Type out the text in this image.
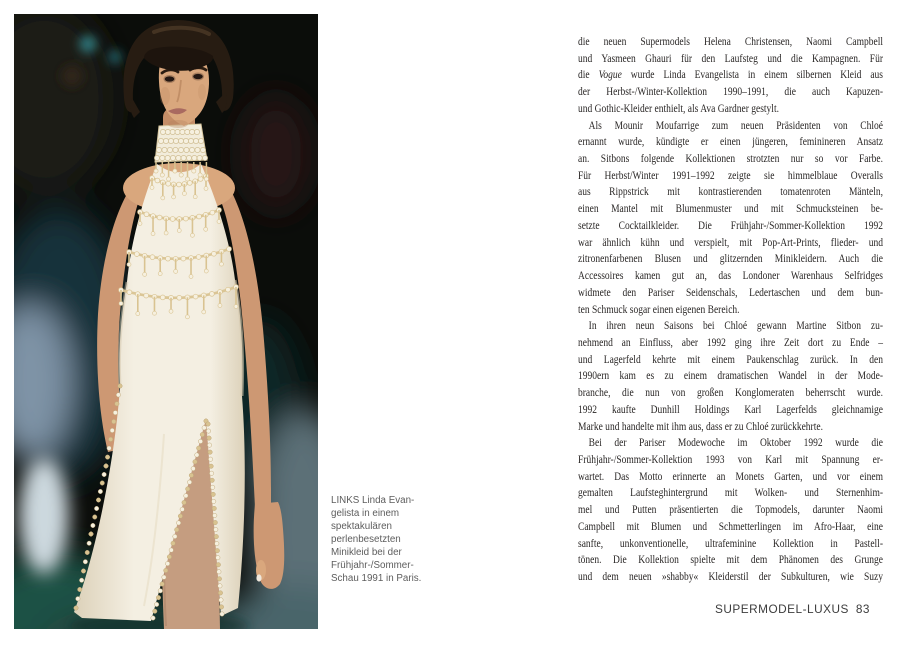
LINKS Linda Evan-
gelista in einem
spektakulären
perlenbesetzten
Minikleid bei der
Frühjahr-/Sommer-
Schau 1991 in Paris.
die neuen Supermodels Helena Christensen, Naomi Campbell
und Yasmeen Ghauri für den Laufsteg und die Kampagnen. Für
die Vogue wurde Linda Evangelista in einem silbernen Kleid aus
der Herbst-/Winter-Kollektion 1990–1991, die auch Kapuzen-
und Gothic-Kleider enthielt, als Ava Gardner gestylt.
Als Mounir Moufarrige zum neuen Präsidenten von Chloé
ernannt wurde, kündigte er einen jüngeren, feminineren Ansatz
an. Sitbons folgende Kollektionen strotzten nur so vor Farbe.
Für Herbst/Winter 1991–1992 zeigte sie himmelblaue Overalls
aus Rippstrick mit kontrastierenden tomatenroten Mänteln,
einen Mantel mit Blumenmuster und mit Schmucksteinen be-
setzte Cocktailkleider. Die Frühjahr-/Sommer-Kollektion 1992
war ähnlich kühn und verspielt, mit Pop-Art-Prints, flieder- und
zitronenfarbenen Blusen und glitzernden Minikleidern. Auch die
Accessoires kamen gut an, das Londoner Warenhaus Selfridges
widmete den Pariser Seidenschals, Ledertaschen und dem bun-
ten Schmuck sogar einen eigenen Bereich.
In ihren neun Saisons bei Chloé gewann Martine Sitbon zu-
nehmend an Einfluss, aber 1992 ging ihre Zeit dort zu Ende –
und Lagerfeld kehrte mit einem Paukenschlag zurück. In den
1990ern kam es zu einem dramatischen Wandel in der Mode-
branche, die nun von großen Konglomeraten beherrscht wurde.
1992 kaufte Dunhill Holdings Karl Lagerfelds gleichnamige
Marke und handelte mit ihm aus, dass er zu Chloé zurückkehrte.
Bei der Pariser Modewoche im Oktober 1992 wurde die
Frühjahr-/Sommer-Kollektion 1993 von Karl mit Spannung er-
wartet. Das Motto erinnerte an Monets Garten, und vor einem
gemalten Laufsteghintergrund mit Wolken- und Sternenhim-
mel und Putten präsentierten die Topmodels, darunter Naomi
Campbell mit Blumen und Schmetterlingen im Afro-Haar, eine
sanfte, unkonventionelle, ultrafeminine Kollektion in Pastell-
tönen. Die Kollektion spielte mit dem Phänomen des Grunge
und dem neuen »shabby« Kleiderstil der Subkulturen, wie Suzy
SUPERMODEL-LUXUS 83
